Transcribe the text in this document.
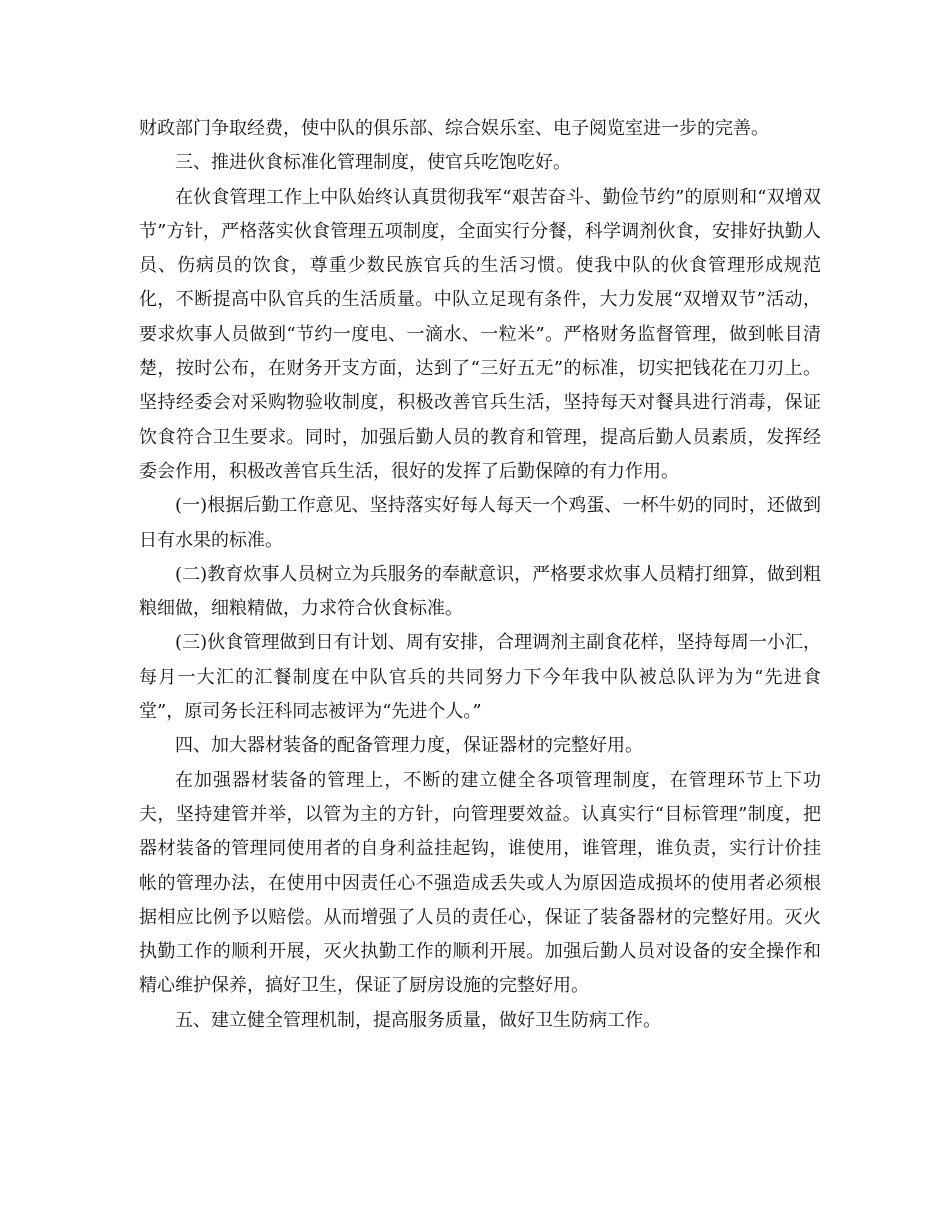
财政部门争取经费，使中队的俱乐部、综合娱乐室、电子阅览室进一步的完善。

三、推进伙食标准化管理制度，使官兵吃饱吃好。

在伙食管理工作上中队始终认真贯彻我军“艰苦奋斗、勤俭节约”的原则和“双增双节”方针，严格落实伙食管理五项制度，全面实行分餐，科学调剂伙食，安排好执勤人员、伤病员的饮食，尊重少数民族官兵的生活习惯。使我中队的伙食管理形成规范化，不断提高中队官兵的生活质量。中队立足现有条件，大力发展“双增双节”活动，要求炊事人员做到“节约一度电、一滴水、一粒米”。严格财务监督管理，做到帐目清楚，按时公布，在财务开支方面，达到了“三好五无”的标准，切实把钱花在刀刃上。坚持经委会对采购物验收制度，积极改善官兵生活，坚持每天对餐具进行消毒，保证饮食符合卫生要求。同时，加强后勤人员的教育和管理，提高后勤人员素质，发挥经委会作用，积极改善官兵生活，很好的发挥了后勤保障的有力作用。

(一)根据后勤工作意见、坚持落实好每人每天一个鸡蛋、一杯牛奶的同时，还做到日有水果的标准。

(二)教育炊事人员树立为兵服务的奉献意识，严格要求炊事人员精打细算，做到粗粮细做，细粮精做，力求符合伙食标准。

(三)伙食管理做到日有计划、周有安排，合理调剂主副食花样，坚持每周一小汇，每月一大汇的汇餐制度在中队官兵的共同努力下今年我中队被总队评为为“先进食堂”，原司务长汪科同志被评为“先进个人。”

四、加大器材装备的配备管理力度，保证器材的完整好用。

在加强器材装备的管理上，不断的建立健全各项管理制度，在管理环节上下功夫，坚持建管并举，以管为主的方针，向管理要效益。认真实行“目标管理”制度，把器材装备的管理同使用者的自身利益挂起钩，谁使用，谁管理，谁负责，实行计价挂帐的管理办法，在使用中因责任心不强造成丢失或人为原因造成损坏的使用者必须根据相应比例予以赔偿。从而增强了人员的责任心，保证了装备器材的完整好用。灭火执勤工作的顺利开展，灭火执勤工作的顺利开展。加强后勤人员对设备的安全操作和精心维护保养，搞好卫生，保证了厨房设施的完整好用。

五、建立健全管理机制，提高服务质量，做好卫生防病工作。
